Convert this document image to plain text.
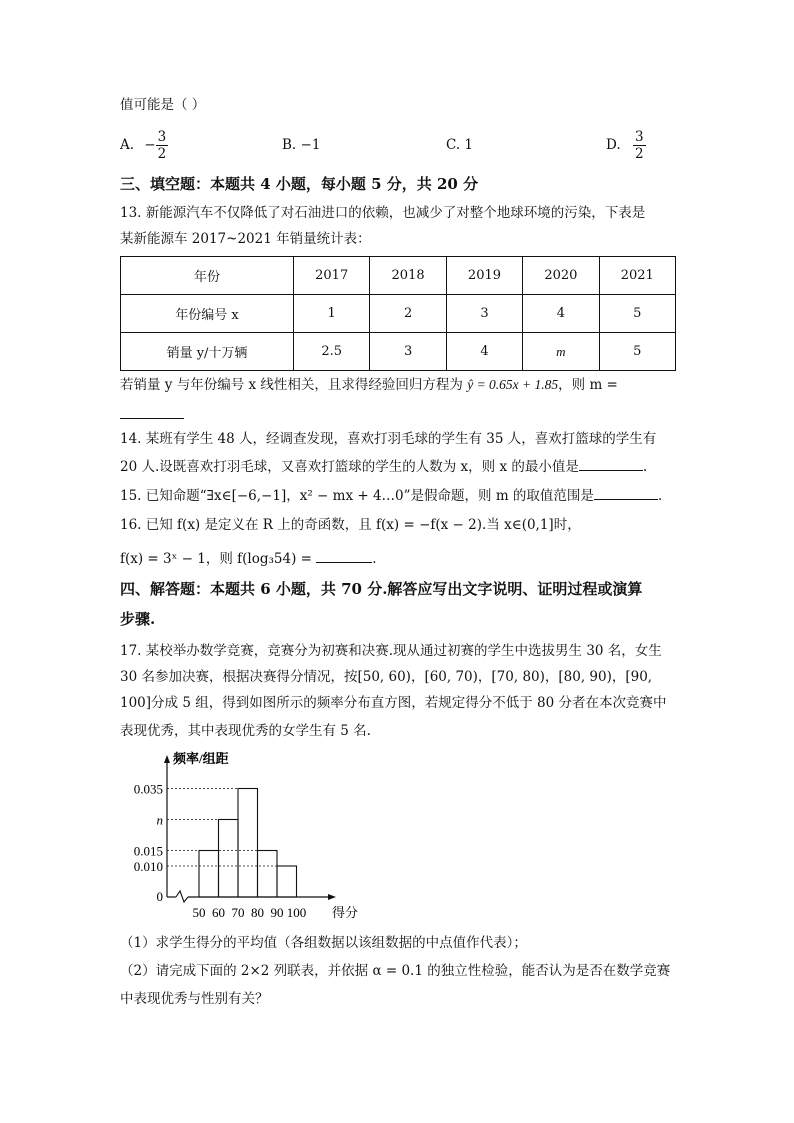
值可能是（ ）
A. − $\frac{3}{2}$	B. −1	C. 1	D. $\frac{3}{2}$
三、填空题：本题共 4 小题，每小题 5 分，共 20 分
13. 新能源汽车不仅降低了对石油进口的依赖，也减少了对整个地球环境的污染，下表是
某新能源车 2017~2021 年销量统计表：
年份	2017	2018	2019	2020	2021
年份编号 x	1	2	3	4	5
销量 y/十万辆	2.5	3	4	m	5
若销量 y 与年份编号 x 线性相关，且求得经验回归方程为 ŷ = 0.65x + 1.85，则 m =
14. 某班有学生 48 人，经调查发现，喜欢打羽毛球的学生有 35 人，喜欢打篮球的学生有
20 人.设既喜欢打羽毛球，又喜欢打篮球的学生的人数为 x，则 x 的最小值是	.
15. 已知命题“∃x∈[−6,−1]，x² − mx + 4…0”是假命题，则 m 的取值范围是	.
16. 已知 f(x) 是定义在 R 上的奇函数，且 f(x) = −f(x − 2).当 x∈(0,1]时，
f(x) = 3ˣ − 1，则 f(log₃54) =	.
四、解答题：本题共 6 小题，共 70 分.解答应写出文字说明、证明过程或演算
步骤.
17. 某校举办数学竞赛，竞赛分为初赛和决赛.现从通过初赛的学生中选拔男生 30 名，女生
30 名参加决赛，根据决赛得分情况，按[50, 60)，[60, 70)，[70, 80)，[80, 90)，[90,
100]分成 5 组，得到如图所示的频率分布直方图，若规定得分不低于 80 分者在本次竞赛中
表现优秀，其中表现优秀的女学生有 5 名.
频率/组距
得分
0.035
n
0.015
0.010
0
50 60 70 80 90 100
（1）求学生得分的平均值（各组数据以该组数据的中点值作代表）；
（2）请完成下面的 2×2 列联表，并依据 α = 0.1 的独立性检验，能否认为是否在数学竞赛
中表现优秀与性别有关？
